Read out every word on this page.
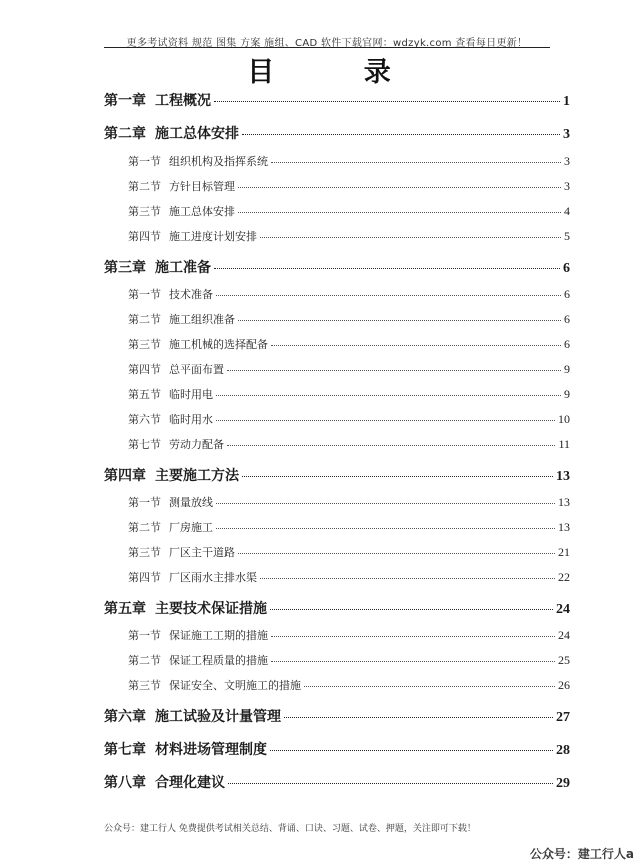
更多考试资料 规范 图集 方案 施组、CAD 软件下载官网：wdzyk.com 查看每日更新！
目 录
第一章 工程概况	1
第二章 施工总体安排	3
第一节 组织机构及指挥系统	3
第二节 方针目标管理	3
第三节 施工总体安排	4
第四节 施工进度计划安排	5
第三章 施工准备	6
第一节 技术准备	6
第二节 施工组织准备	6
第三节 施工机械的选择配备	6
第四节 总平面布置	9
第五节 临时用电	9
第六节 临时用水	10
第七节 劳动力配备	11
第四章 主要施工方法	13
第一节 测量放线	13
第二节 厂房施工	13
第三节 厂区主干道路	21
第四节 厂区雨水主排水渠	22
第五章 主要技术保证措施	24
第一节 保证施工工期的措施	24
第二节 保证工程质量的措施	25
第三节 保证安全、文明施工的措施	26
第六章 施工试验及计量管理	27
第七章 材料进场管理制度	28
第八章 合理化建议	29
公众号：建工行人 免费提供考试相关总结、背诵、口诀、习题、试卷、押题，关注即可下载！
公众号：建工行人a
